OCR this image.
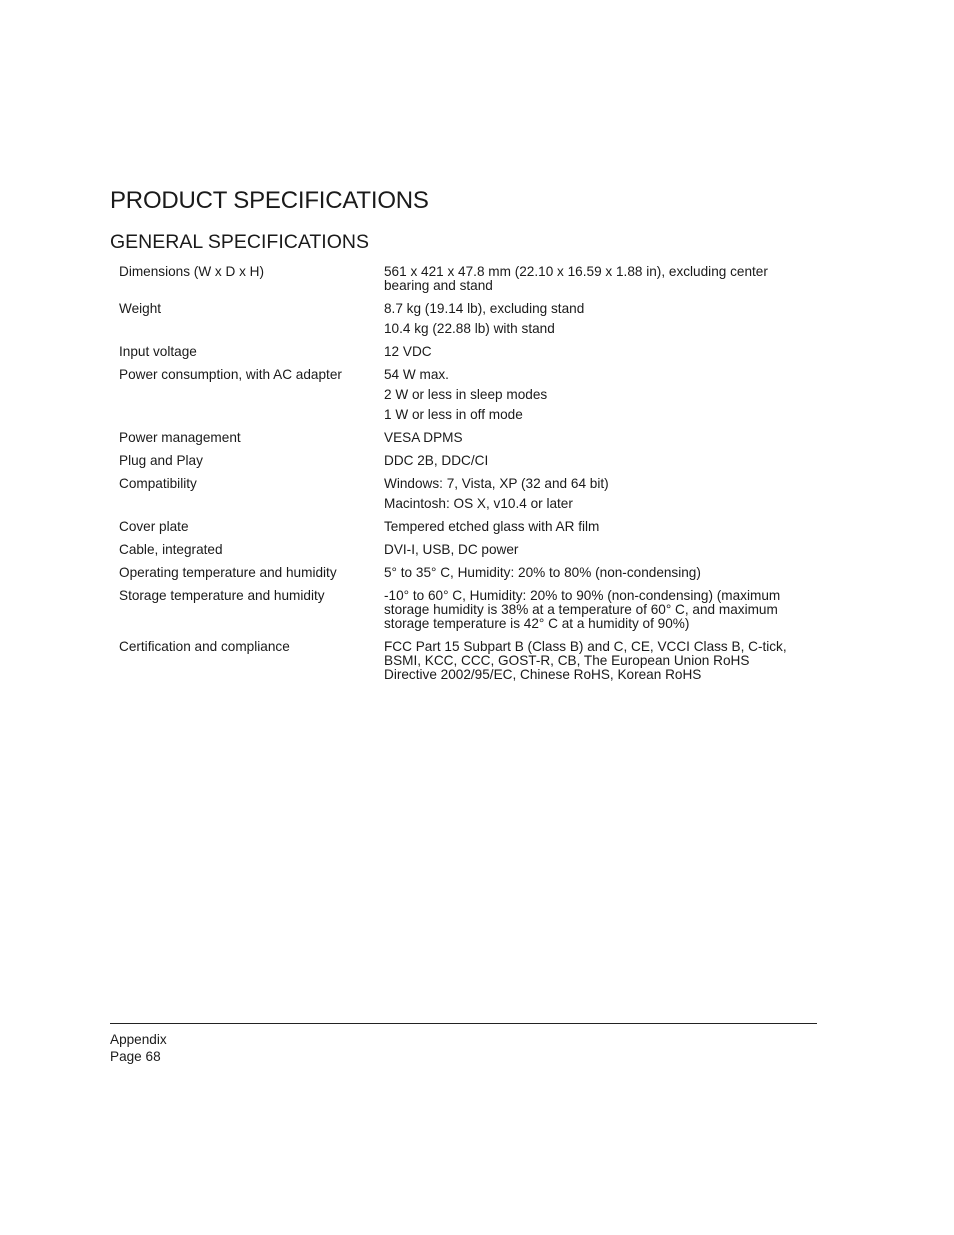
PRODUCT SPECIFICATIONS
GENERAL SPECIFICATIONS
Dimensions (W x D x H)	561 x 421 x 47.8 mm (22.10 x 16.59 x 1.88 in), excluding center bearing and stand
Weight	8.7 kg (19.14 lb), excluding stand
10.4 kg (22.88 lb) with stand
Input voltage	12 VDC
Power consumption, with AC adapter	54 W max.
2 W or less in sleep modes
1 W or less in off mode
Power management	VESA DPMS
Plug and Play	DDC 2B, DDC/CI
Compatibility	Windows: 7, Vista, XP (32 and 64 bit)
Macintosh: OS X, v10.4 or later
Cover plate	Tempered etched glass with AR film
Cable, integrated	DVI-I, USB, DC power
Operating temperature and humidity	5° to 35° C, Humidity: 20% to 80% (non-condensing)
Storage temperature and humidity	-10° to 60° C, Humidity: 20% to 90% (non-condensing) (maximum storage humidity is 38% at a temperature of 60° C, and maximum storage temperature is 42° C at a humidity of 90%)
Certification and compliance	FCC Part 15 Subpart B (Class B) and C, CE, VCCI Class B, C-tick, BSMI, KCC, CCC, GOST-R, CB, The European Union RoHS Directive 2002/95/EC, Chinese RoHS, Korean RoHS
Appendix
Page 68
